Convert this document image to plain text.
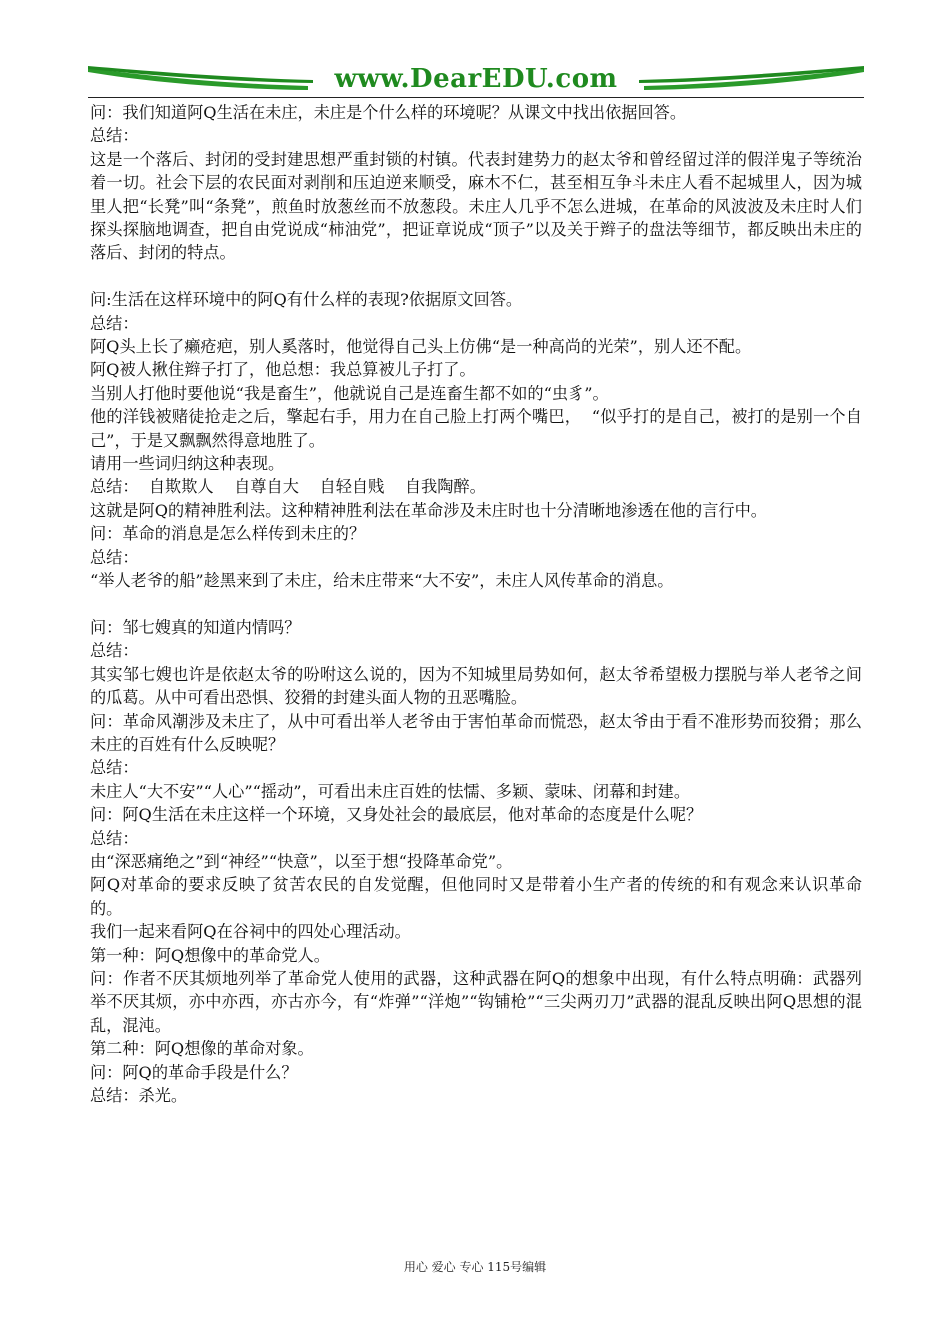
www.DearEDU.com

问：我们知道阿Q生活在未庄，未庄是个什么样的环境呢？从课文中找出依据回答。

总结：

这是一个落后、封闭的受封建思想严重封锁的村镇。代表封建势力的赵太爷和曾经留过洋的假洋鬼子等统治着一切。社会下层的农民面对剥削和压迫逆来顺受，麻木不仁，甚至相互争斗未庄人看不起城里人，因为城里人把“长凳”叫“条凳”，煎鱼时放葱丝而不放葱段。未庄人几乎不怎么进城，在革命的风波波及未庄时人们探头探脑地调查，把自由党说成“柿油党”，把证章说成“顶子”以及关于辫子的盘法等细节，都反映出未庄的落后、封闭的特点。

问:生活在这样环境中的阿Q有什么样的表现?依据原文回答。

总结：

阿Q头上长了癞疮疤，别人奚落时，他觉得自己头上仿佛“是一种高尚的光荣”，别人还不配。

阿Q被人揪住辫子打了，他总想：我总算被儿子打了。

当别人打他时要他说“我是畜生”，他就说自己是连畜生都不如的“虫豸”。

他的洋钱被赌徒抢走之后，擎起右手，用力在自己脸上打两个嘴巴，  “似乎打的是自己，被打的是别一个自己”，于是又飘飘然得意地胜了。

请用一些词归纳这种表现。

总结：  自欺欺人    自尊自大    自轻自贱    自我陶醉。

这就是阿Q的精神胜利法。这种精神胜利法在革命涉及未庄时也十分清晰地渗透在他的言行中。

问：革命的消息是怎么样传到未庄的？

总结：

“举人老爷的船”趁黑来到了未庄，给未庄带来“大不安”，未庄人风传革命的消息。

问：邹七嫂真的知道内情吗？

总结：

其实邹七嫂也许是依赵太爷的吩咐这么说的，因为不知城里局势如何，赵太爷希望极力摆脱与举人老爷之间的瓜葛。从中可看出恐惧、狡猾的封建头面人物的丑恶嘴脸。

问：革命风潮涉及未庄了，从中可看出举人老爷由于害怕革命而慌恐，赵太爷由于看不准形势而狡猾；那么未庄的百姓有什么反映呢？

总结：

未庄人“大不安”“人心”“摇动”，可看出未庄百姓的怯懦、多颖、蒙味、闭幕和封建。

问：阿Q生活在未庄这样一个环境，又身处社会的最底层，他对革命的态度是什么呢？

总结：

由“深恶痛绝之”到“神经”“快意”，以至于想“投降革命党”。

阿Q对革命的要求反映了贫苦农民的自发觉醒，但他同时又是带着小生产者的传统的和有观念来认识革命的。

我们一起来看阿Q在谷祠中的四处心理活动。

第一种：阿Q想像中的革命党人。

问：作者不厌其烦地列举了革命党人使用的武器，这种武器在阿Q的想象中出现，有什么特点明确：武器列举不厌其烦，亦中亦西，亦古亦今，有“炸弹”“洋炮”“钩铺枪”“三尖两刃刀”武器的混乱反映出阿Q思想的混乱，混沌。

第二种：阿Q想像的革命对象。

问：阿Q的革命手段是什么？

总结：杀光。

用心 爱心 专心 115号编辑
